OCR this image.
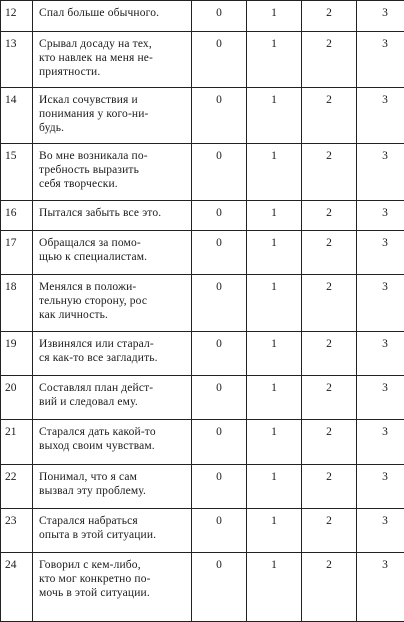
12	Спал больше обычного.	0	1	2	3
13	Срывал досаду на тех,
кто навлек на меня не-
приятности.	0	1	2	3
14	Искал сочувствия и
понимания у кого-ни-
будь.	0	1	2	3
15	Во мне возникала по-
требность выразить
себя творчески.	0	1	2	3
16	Пытался забыть все это.	0	1	2	3
17	Обращался за помо-
щью к специалистам.	0	1	2	3
18	Менялся в положи-
тельную сторону, рос
как личность.	0	1	2	3
19	Извинялся или старал-
ся как-то все загладить.	0	1	2	3
20	Составлял план дейст-
вий и следовал ему.	0	1	2	3
21	Старался дать какой-то
выход своим чувствам.	0	1	2	3
22	Понимал, что я сам
вызвал эту проблему.	0	1	2	3
23	Старался набраться
опыта в этой ситуации.	0	1	2	3
24	Говорил с кем-либо,
кто мог конкретно по-
мочь в этой ситуации.	0	1	2	3
